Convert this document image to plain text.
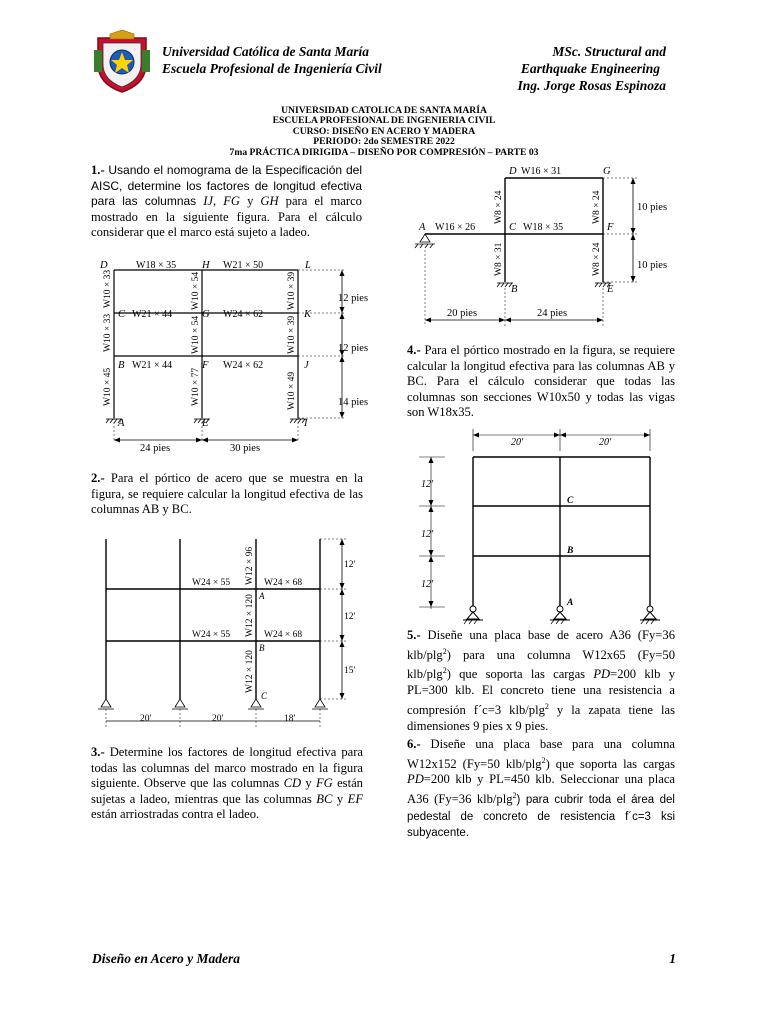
Universidad Católica de Santa María
Escuela Profesional de Ingeniería Civil
MSc. Structural and
Earthquake Engineering
Ing. Jorge Rosas Espinoza
UNIVERSIDAD CATOLICA DE SANTA MARÍA
ESCUELA PROFESIONAL DE INGENIERIA CIVIL
CURSO: DISEÑO EN ACERO Y MADERA
PERIODO: 2do SEMESTRE 2022
7ma PRÁCTICA DIRIGIDA – DISEÑO POR COMPRESIÓN – PARTE 03
1.- Usando el nomograma de la Especificación del AISC, determine los factores de longitud efectiva para las columnas IJ, FG y GH para el marco mostrado en la siguiente figura. Para el cálculo considerar que el marco está sujeto a ladeo.
D	H	L
C	G	K
B	F	J
A	E	I
W18 × 35	W21 × 50
W21 × 44	W24 × 62
W21 × 44	W24 × 62
W10 × 33
W10 × 33
W10 × 45
W10 × 54
W10 × 54
W10 × 77
W10 × 39
W10 × 39
W10 × 49
12 pies
12 pies
14 pies
24 pies	30 pies
2.- Para el pórtico de acero que se muestra en la figura, se requiere calcular la longitud efectiva de las columnas AB y BC.
W24 × 55	W24 × 68
W24 × 55	W24 × 68
W12 × 96
W12 × 120
W12 × 120
A
B
C
12′
12′
15′
20′	20′	18′
3.- Determine los factores de longitud efectiva para todas las columnas del marco mostrado en la figura siguiente. Observe que las columnas CD y FG están sujetas a ladeo, mientras que las columnas BC y EF están arriostradas contra el ladeo.
D	G
A	C	F
B	E
W16 × 31
W16 × 26	W18 × 35
W8 × 24	W8 × 24
W8 × 31	W8 × 24
10 pies
10 pies
20 pies	24 pies
4.- Para el pórtico mostrado en la figura, se requiere calcular la longitud efectiva para las columnas AB y BC. Para el cálculo considerar que todas las columnas son secciones W10x50 y todas las vigas son W18x35.
20′	20′
12′
12′
12′
C
B
A
5.- Diseñe una placa base de acero A36 (Fy=36 klb/plg$^2$) para una columna W12x65 (Fy=50 klb/plg$^2$) que soporta las cargas PD=200 klb y PL=300 klb. El concreto tiene una resistencia a compresión f´c=3 klb/plg$^2$ y la zapata tiene las dimensiones 9 pies x 9 pies.
6.- Diseñe una placa base para una columna W12x152 (Fy=50 klb/plg$^2$) que soporta las cargas PD=200 klb y PL=450 klb. Seleccionar una placa A36 (Fy=36 klb/plg$^2$) para cubrir toda el área del pedestal de concreto de resistencia f´c=3 ksi subyacente.
Diseño en Acero y Madera	1
